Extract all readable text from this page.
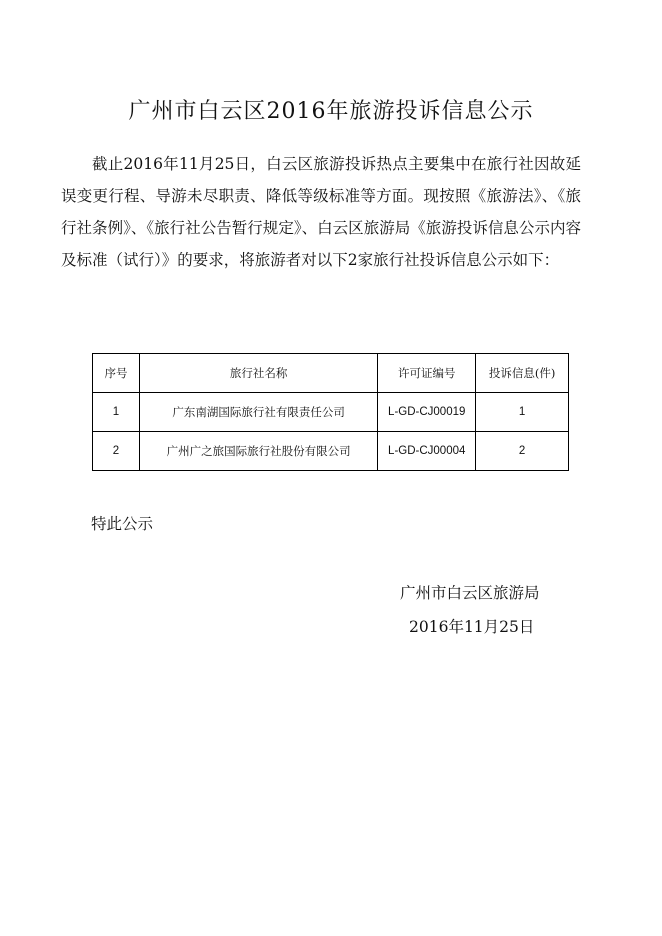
广州市白云区2016年旅游投诉信息公示

截止2016年11月25日，白云区旅游投诉热点主要集中在旅行社因故延误变更行程、导游未尽职责、降低等级标准等方面。现按照《旅游法》、《旅行社条例》、《旅行社公告暂行规定》、白云区旅游局《旅游投诉信息公示内容及标准（试行）》的要求，将旅游者对以下2家旅行社投诉信息公示如下：

序号	旅行社名称	许可证编号	投诉信息(件)
1	广东南湖国际旅行社有限责任公司	L-GD-CJ00019	1
2	广州广之旅国际旅行社股份有限公司	L-GD-CJ00004	2
特此公示
广州市白云区旅游局
2016年11月25日
